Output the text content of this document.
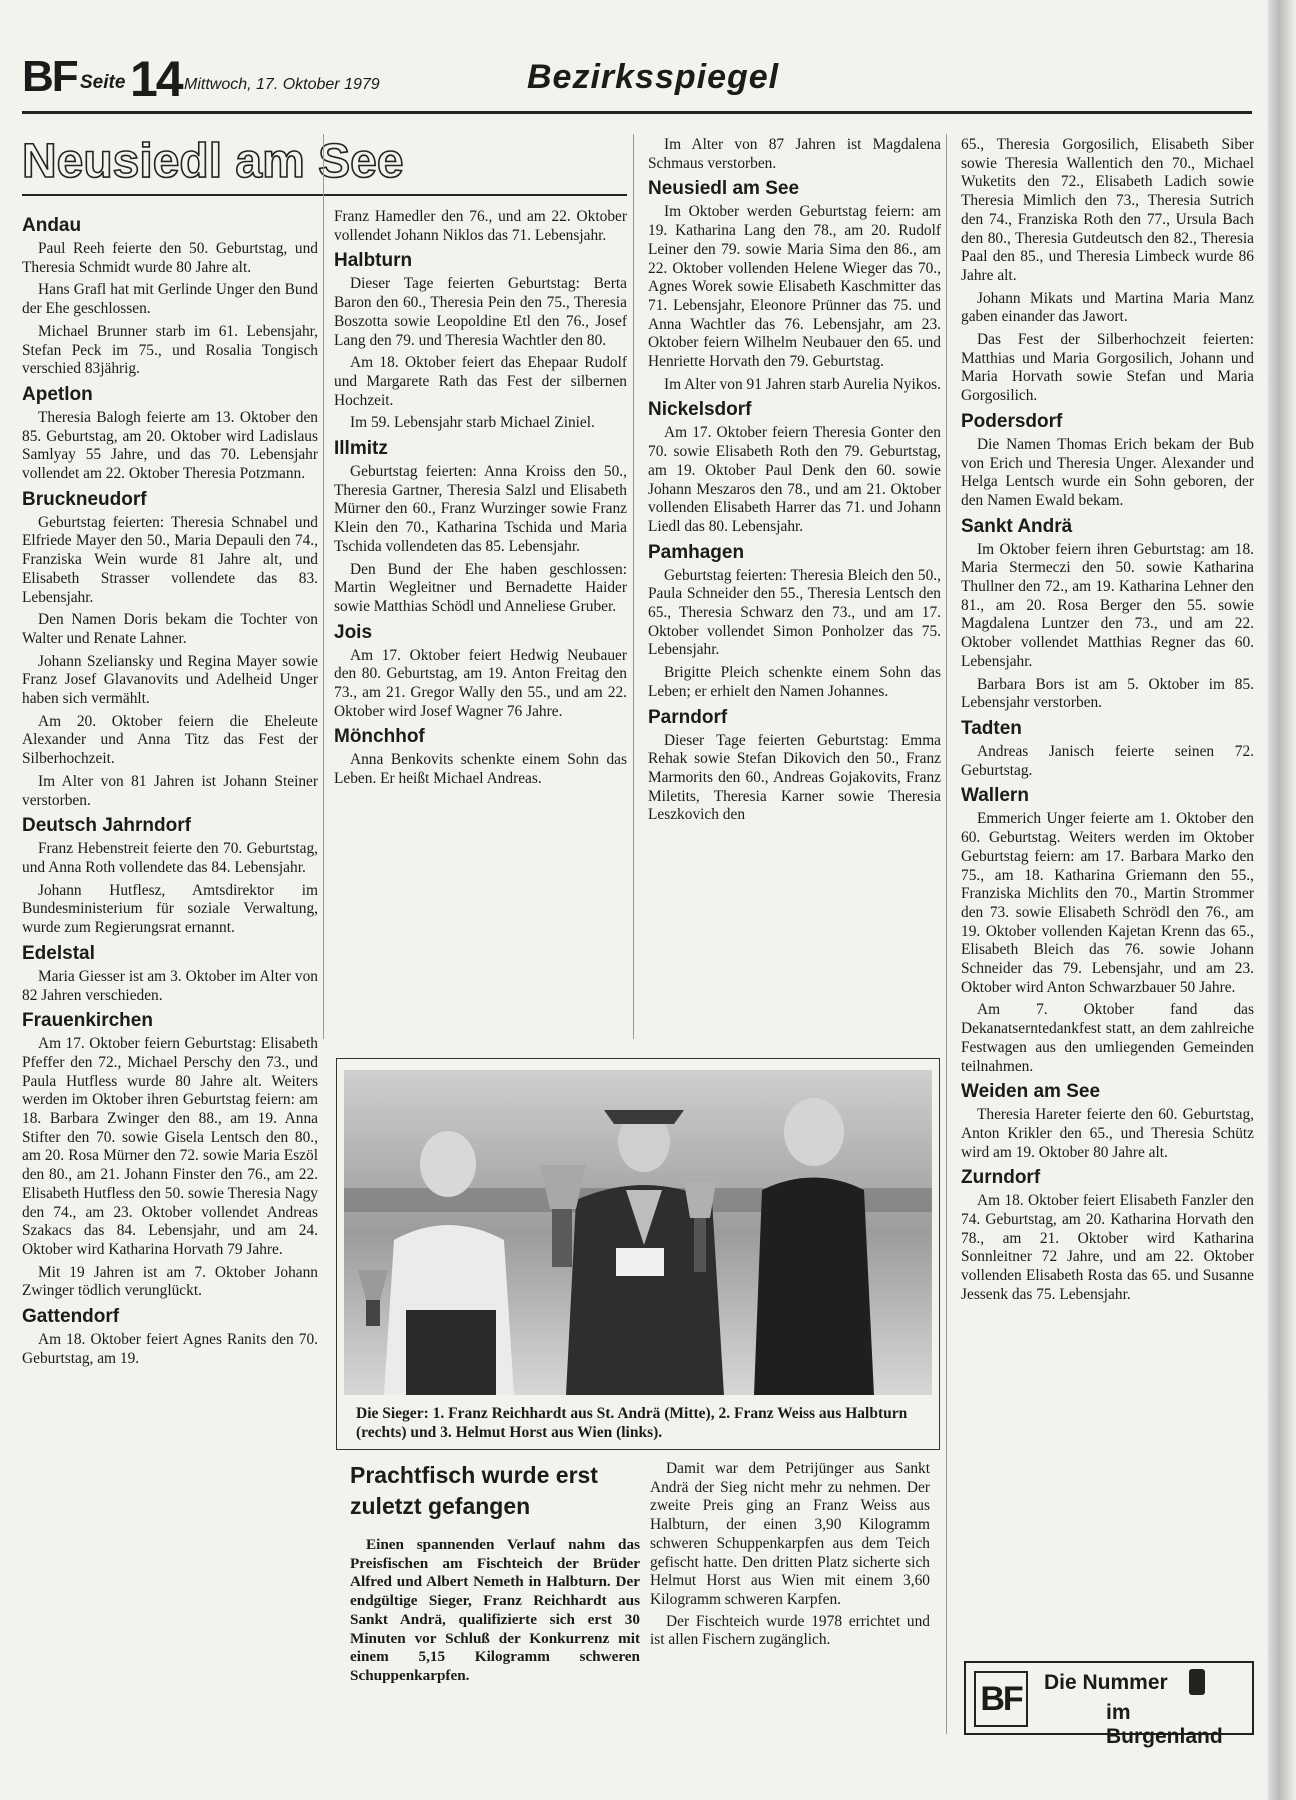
BF Seite 14 Mittwoch, 17. Oktober 1979	Bezirksspiegel
Neusiedl am See
Andau

Paul Reeh feierte den 50. Geburtstag, und Theresia Schmidt wurde 80 Jahre alt.

Hans Grafl hat mit Gerlinde Unger den Bund der Ehe geschlossen.

Michael Brunner starb im 61. Lebensjahr, Stefan Peck im 75., und Rosalia Tongisch verschied 83jährig.

Apetlon

Theresia Balogh feierte am 13. Oktober den 85. Geburtstag, am 20. Oktober wird Ladislaus Samlyay 55 Jahre, und das 70. Lebensjahr vollendet am 22. Oktober Theresia Potzmann.

Bruckneudorf

Geburtstag feierten: Theresia Schnabel und Elfriede Mayer den 50., Maria Depauli den 74., Franziska Wein wurde 81 Jahre alt, und Elisabeth Strasser vollendete das 83. Lebensjahr.

Den Namen Doris bekam die Tochter von Walter und Renate Lahner.

Johann Szeliansky und Regina Mayer sowie Franz Josef Glavanovits und Adelheid Unger haben sich vermählt.

Am 20. Oktober feiern die Eheleute Alexander und Anna Titz das Fest der Silberhochzeit.

Im Alter von 81 Jahren ist Johann Steiner verstorben.

Deutsch Jahrndorf

Franz Hebenstreit feierte den 70. Geburtstag, und Anna Roth vollendete das 84. Lebensjahr.

Johann Hutflesz, Amtsdirektor im Bundesministerium für soziale Verwaltung, wurde zum Regierungsrat ernannt.

Edelstal

Maria Giesser ist am 3. Oktober im Alter von 82 Jahren verschieden.

Frauenkirchen

Am 17. Oktober feiern Geburtstag: Elisabeth Pfeffer den 72., Michael Perschy den 73., und Paula Hutfless wurde 80 Jahre alt. Weiters werden im Oktober ihren Geburtstag feiern: am 18. Barbara Zwinger den 88., am 19. Anna Stifter den 70. sowie Gisela Lentsch den 80., am 20. Rosa Mürner den 72. sowie Maria Eszöl den 80., am 21. Johann Finster den 76., am 22. Elisabeth Hutfless den 50. sowie Theresia Nagy den 74., am 23. Oktober vollendet Andreas Szakacs das 84. Lebensjahr, und am 24. Oktober wird Katharina Horvath 79 Jahre.

Mit 19 Jahren ist am 7. Oktober Johann Zwinger tödlich verunglückt.

Gattendorf

Am 18. Oktober feiert Agnes Ranits den 70. Geburtstag, am 19.

Franz Hamedler den 76., und am 22. Oktober vollendet Johann Niklos das 71. Lebensjahr.

Halbturn

Dieser Tage feierten Geburtstag: Berta Baron den 60., Theresia Pein den 75., Theresia Boszotta sowie Leopoldine Etl den 76., Josef Lang den 79. und Theresia Wachtler den 80.

Am 18. Oktober feiert das Ehepaar Rudolf und Margarete Rath das Fest der silbernen Hochzeit.

Im 59. Lebensjahr starb Michael Ziniel.

Illmitz

Geburtstag feierten: Anna Kroiss den 50., Theresia Gartner, Theresia Salzl und Elisabeth Mürner den 60., Franz Wurzinger sowie Franz Klein den 70., Katharina Tschida und Maria Tschida vollendeten das 85. Lebensjahr.

Den Bund der Ehe haben geschlossen: Martin Wegleitner und Bernadette Haider sowie Matthias Schödl und Anneliese Gruber.

Jois

Am 17. Oktober feiert Hedwig Neubauer den 80. Geburtstag, am 19. Anton Freitag den 73., am 21. Gregor Wally den 55., und am 22. Oktober wird Josef Wagner 76 Jahre.

Mönchhof

Anna Benkovits schenkte einem Sohn das Leben. Er heißt Michael Andreas.

Im Alter von 87 Jahren ist Magdalena Schmaus verstorben.

Neusiedl am See

Im Oktober werden Geburtstag feiern: am 19. Katharina Lang den 78., am 20. Rudolf Leiner den 79. sowie Maria Sima den 86., am 22. Oktober vollenden Helene Wieger das 70., Agnes Worek sowie Elisabeth Kaschmitter das 71. Lebensjahr, Eleonore Prünner das 75. und Anna Wachtler das 76. Lebensjahr, am 23. Oktober feiern Wilhelm Neubauer den 65. und Henriette Horvath den 79. Geburtstag.

Im Alter von 91 Jahren starb Aurelia Nyikos.

Nickelsdorf

Am 17. Oktober feiern Theresia Gonter den 70. sowie Elisabeth Roth den 79. Geburtstag, am 19. Oktober Paul Denk den 60. sowie Johann Meszaros den 78., und am 21. Oktober vollenden Elisabeth Harrer das 71. und Johann Liedl das 80. Lebensjahr.

Pamhagen

Geburtstag feierten: Theresia Bleich den 50., Paula Schneider den 55., Theresia Lentsch den 65., Theresia Schwarz den 73., und am 17. Oktober vollendet Simon Ponholzer das 75. Lebensjahr.

Brigitte Pleich schenkte einem Sohn das Leben; er erhielt den Namen Johannes.

Parndorf

Dieser Tage feierten Geburtstag: Emma Rehak sowie Stefan Dikovich den 50., Franz Marmorits den 60., Andreas Gojakovits, Franz Miletits, Theresia Karner sowie Theresia Leszkovich den

65., Theresia Gorgosilich, Elisabeth Siber sowie Theresia Wallentich den 70., Michael Wuketits den 72., Elisabeth Ladich sowie Theresia Mimlich den 73., Theresia Sutrich den 74., Franziska Roth den 77., Ursula Bach den 80., Theresia Gutdeutsch den 82., Theresia Paal den 85., und Theresia Limbeck wurde 86 Jahre alt.

Johann Mikats und Martina Maria Manz gaben einander das Jawort.

Das Fest der Silberhochzeit feierten: Matthias und Maria Gorgosilich, Johann und Maria Horvath sowie Stefan und Maria Gorgosilich.

Podersdorf

Die Namen Thomas Erich bekam der Bub von Erich und Theresia Unger. Alexander und Helga Lentsch wurde ein Sohn geboren, der den Namen Ewald bekam.

Sankt Andrä

Im Oktober feiern ihren Geburtstag: am 18. Maria Stermeczi den 50. sowie Katharina Thullner den 72., am 19. Katharina Lehner den 81., am 20. Rosa Berger den 55. sowie Magdalena Luntzer den 73., und am 22. Oktober vollendet Matthias Regner das 60. Lebensjahr.

Barbara Bors ist am 5. Oktober im 85. Lebensjahr verstorben.

Tadten

Andreas Janisch feierte seinen 72. Geburtstag.

Wallern

Emmerich Unger feierte am 1. Oktober den 60. Geburtstag. Weiters werden im Oktober Geburtstag feiern: am 17. Barbara Marko den 75., am 18. Katharina Griemann den 55., Franziska Michlits den 70., Martin Strommer den 73. sowie Elisabeth Schrödl den 76., am 19. Oktober vollenden Kajetan Krenn das 65., Elisabeth Bleich das 76. sowie Johann Schneider das 79. Lebensjahr, und am 23. Oktober wird Anton Schwarzbauer 50 Jahre.

Am 7. Oktober fand das Dekanatserntedankfest statt, an dem zahlreiche Festwagen aus den umliegenden Gemeinden teilnahmen.

Weiden am See

Theresia Hareter feierte den 60. Geburtstag, Anton Krikler den 65., und Theresia Schütz wird am 19. Oktober 80 Jahre alt.

Zurndorf

Am 18. Oktober feiert Elisabeth Fanzler den 74. Geburtstag, am 20. Katharina Horvath den 78., am 21. Oktober wird Katharina Sonnleitner 72 Jahre, und am 22. Oktober vollenden Elisabeth Rosta das 65. und Susanne Jessenk das 75. Lebensjahr.

Die Sieger: 1. Franz Reichhardt aus St. Andrä (Mitte), 2. Franz Weiss aus Halbturn (rechts) und 3. Helmut Horst aus Wien (links).
Prachtfisch wurde erst zuletzt gefangen

Einen spannenden Verlauf nahm das Preisfischen am Fischteich der Brüder Alfred und Albert Nemeth in Halbturn. Der endgültige Sieger, Franz Reichhardt aus Sankt Andrä, qualifizierte sich erst 30 Minuten vor Schluß der Konkurrenz mit einem 5,15 Kilogramm schweren Schuppenkarpfen.

Damit war dem Petrijünger aus Sankt Andrä der Sieg nicht mehr zu nehmen. Der zweite Preis ging an Franz Weiss aus Halbturn, der einen 3,90 Kilogramm schweren Schuppenkarpfen aus dem Teich gefischt hatte. Den dritten Platz sicherte sich Helmut Horst aus Wien mit einem 3,60 Kilogramm schweren Karpfen.

Der Fischteich wurde 1978 errichtet und ist allen Fischern zugänglich.

BF	Die Nummer
im Burgenland
